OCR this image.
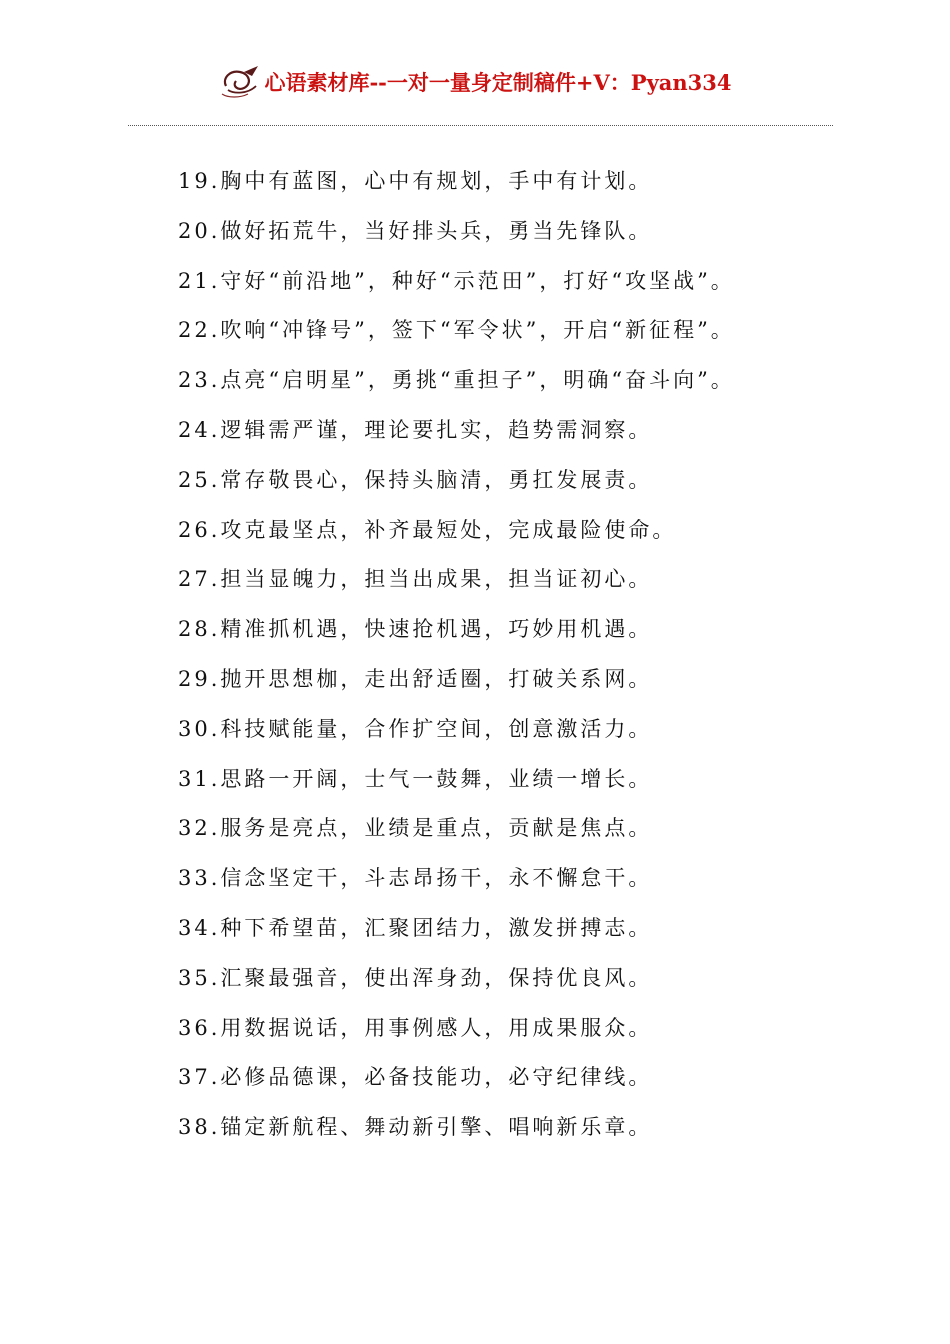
心语素材库--一对一量身定制稿件+V：Pyan334
19.胸中有蓝图，心中有规划，手中有计划。
20.做好拓荒牛，当好排头兵，勇当先锋队。
21.守好“前沿地”，种好“示范田”，打好“攻坚战”。
22.吹响“冲锋号”，签下“军令状”，开启“新征程”。
23.点亮“启明星”，勇挑“重担子”，明确“奋斗向”。
24.逻辑需严谨，理论要扎实，趋势需洞察。
25.常存敬畏心，保持头脑清，勇扛发展责。
26.攻克最坚点，补齐最短处，完成最险使命。
27.担当显魄力，担当出成果，担当证初心。
28.精准抓机遇，快速抢机遇，巧妙用机遇。
29.抛开思想枷，走出舒适圈，打破关系网。
30.科技赋能量，合作扩空间，创意激活力。
31.思路一开阔，士气一鼓舞，业绩一增长。
32.服务是亮点，业绩是重点，贡献是焦点。
33.信念坚定干，斗志昂扬干，永不懈怠干。
34.种下希望苗，汇聚团结力，激发拼搏志。
35.汇聚最强音，使出浑身劲，保持优良风。
36.用数据说话，用事例感人，用成果服众。
37.必修品德课，必备技能功，必守纪律线。
38.锚定新航程、舞动新引擎、唱响新乐章。
